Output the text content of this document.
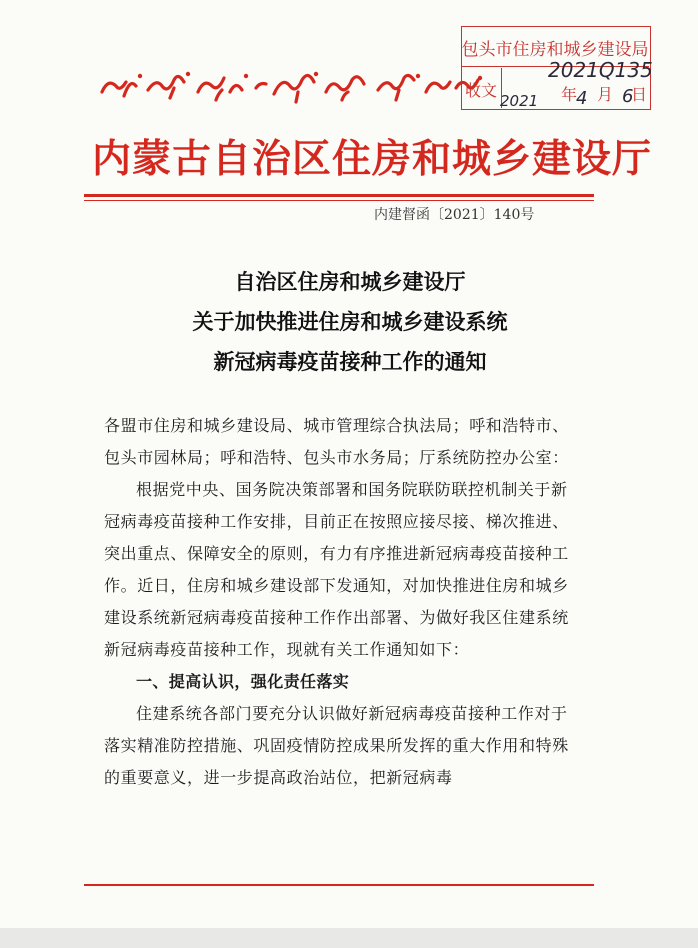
包头市住房和城乡建设局
收文	年 月 日
2021Q135
2021 4 6
内蒙古自治区住房和城乡建设厅
内建督函〔2021〕140号
自治区住房和城乡建设厅
关于加快推进住房和城乡建设系统
新冠病毒疫苗接种工作的通知

各盟市住房和城乡建设局、城市管理综合执法局；呼和浩特市、包头市园林局；呼和浩特、包头市水务局；厅系统防控办公室：

根据党中央、国务院决策部署和国务院联防联控机制关于新冠病毒疫苗接种工作安排，目前正在按照应接尽接、梯次推进、突出重点、保障安全的原则，有力有序推进新冠病毒疫苗接种工作。近日，住房和城乡建设部下发通知，对加快推进住房和城乡建设系统新冠病毒疫苗接种工作作出部署、为做好我区住建系统新冠病毒疫苗接种工作，现就有关工作通知如下：

一、提高认识，强化责任落实

住建系统各部门要充分认识做好新冠病毒疫苗接种工作对于落实精准防控措施、巩固疫情防控成果所发挥的重大作用和特殊的重要意义，进一步提高政治站位，把新冠病毒
